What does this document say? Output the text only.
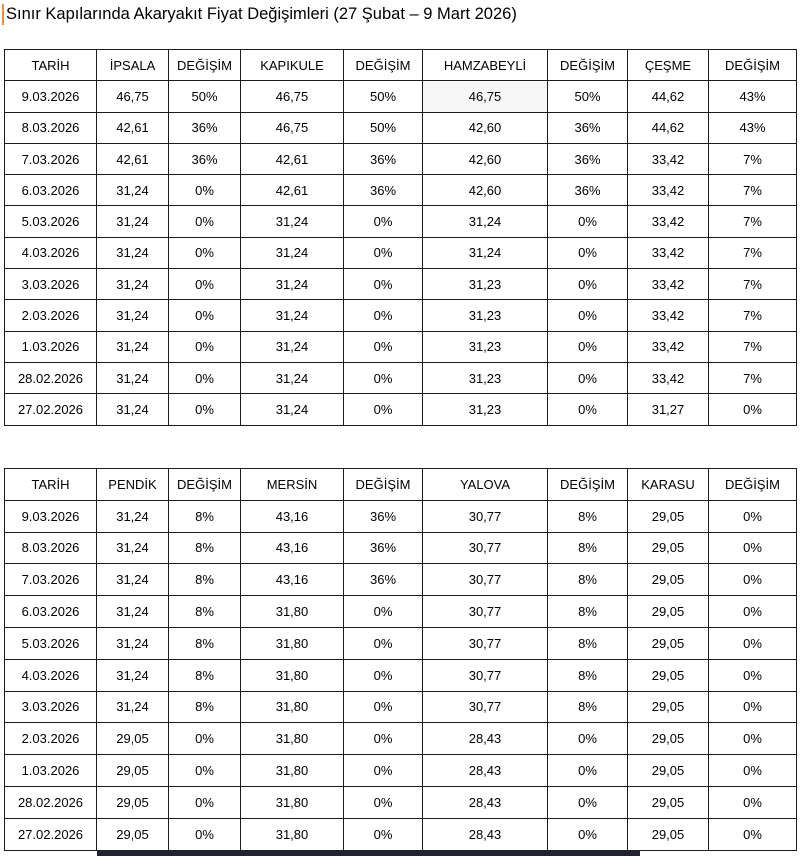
Sınır Kapılarında Akaryakıt Fiyat Değişimleri (27 Şubat – 9 Mart 2026)
TARİH	İPSALA	DEĞİŞİM	KAPIKULE	DEĞİŞİM	HAMZABEYLİ	DEĞİŞİM	ÇEŞME	DEĞİŞİM
9.03.2026	46,75	50%	46,75	50%	46,75	50%	44,62	43%
8.03.2026	42,61	36%	46,75	50%	42,60	36%	44,62	43%
7.03.2026	42,61	36%	42,61	36%	42,60	36%	33,42	7%
6.03.2026	31,24	0%	42,61	36%	42,60	36%	33,42	7%
5.03.2026	31,24	0%	31,24	0%	31,24	0%	33,42	7%
4.03.2026	31,24	0%	31,24	0%	31,24	0%	33,42	7%
3.03.2026	31,24	0%	31,24	0%	31,23	0%	33,42	7%
2.03.2026	31,24	0%	31,24	0%	31,23	0%	33,42	7%
1.03.2026	31,24	0%	31,24	0%	31,23	0%	33,42	7%
28.02.2026	31,24	0%	31,24	0%	31,23	0%	33,42	7%
27.02.2026	31,24	0%	31,24	0%	31,23	0%	31,27	0%
TARİH	PENDİK	DEĞİŞİM	MERSİN	DEĞİŞİM	YALOVA	DEĞİŞİM	KARASU	DEĞİŞİM
9.03.2026	31,24	8%	43,16	36%	30,77	8%	29,05	0%
8.03.2026	31,24	8%	43,16	36%	30,77	8%	29,05	0%
7.03.2026	31,24	8%	43,16	36%	30,77	8%	29,05	0%
6.03.2026	31,24	8%	31,80	0%	30,77	8%	29,05	0%
5.03.2026	31,24	8%	31,80	0%	30,77	8%	29,05	0%
4.03.2026	31,24	8%	31,80	0%	30,77	8%	29,05	0%
3.03.2026	31,24	8%	31,80	0%	30,77	8%	29,05	0%
2.03.2026	29,05	0%	31,80	0%	28,43	0%	29,05	0%
1.03.2026	29,05	0%	31,80	0%	28,43	0%	29,05	0%
28.02.2026	29,05	0%	31,80	0%	28,43	0%	29,05	0%
27.02.2026	29,05	0%	31,80	0%	28,43	0%	29,05	0%
